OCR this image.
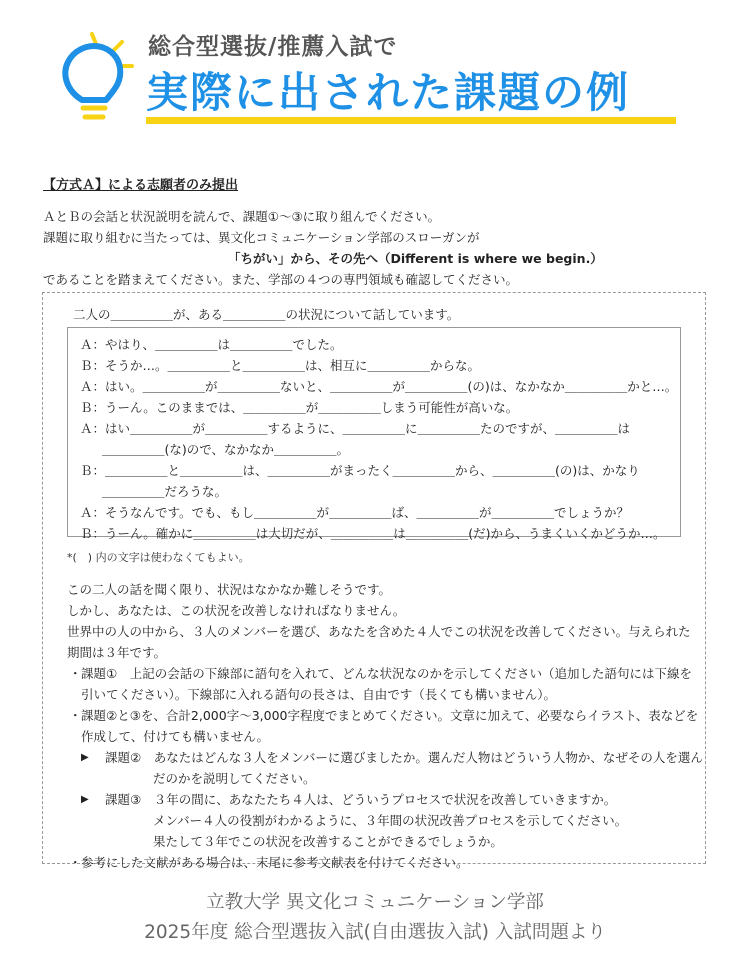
総合型選抜/推薦入試で
実際に出された課題の例
【方式Ａ】による志願者のみ提出
ＡとＢの会話と状況説明を読んで、課題①〜③に取り組んでください。
課題に取り組むに当たっては、異文化コミュニケーション学部のスローガンが
「ちがい」から、その先へ（Different is where we begin.）
であることを踏まえてください。また、学部の４つの専門領域も確認してください。
二人の＿＿＿＿＿が、ある＿＿＿＿＿の状況について話しています。
Ａ：やはり、＿＿＿＿＿は＿＿＿＿＿でした。
Ｂ：そうか…。＿＿＿＿＿と＿＿＿＿＿は、相互に＿＿＿＿＿からな。
Ａ：はい。＿＿＿＿＿が＿＿＿＿＿ないと、＿＿＿＿＿が＿＿＿＿＿(の)は、なかなか＿＿＿＿＿かと…。
Ｂ：うーん。このままでは、＿＿＿＿＿が＿＿＿＿＿しまう可能性が高いな。
Ａ：はい＿＿＿＿＿が＿＿＿＿＿するように、＿＿＿＿＿に＿＿＿＿＿たのですが、＿＿＿＿＿は
＿＿＿＿＿(な)ので、なかなか＿＿＿＿＿。
Ｂ：＿＿＿＿＿と＿＿＿＿＿は、＿＿＿＿＿がまったく＿＿＿＿＿から、＿＿＿＿＿(の)は、かなり
＿＿＿＿＿だろうな。
Ａ：そうなんです。でも、もし＿＿＿＿＿が＿＿＿＿＿ば、＿＿＿＿＿が＿＿＿＿＿でしょうか？
Ｂ：うーん。確かに＿＿＿＿＿は大切だが、＿＿＿＿＿は＿＿＿＿＿(だ)から、うまくいくかどうか…。
*(　) 内の文字は使わなくてもよい。
この二人の話を聞く限り、状況はなかなか難しそうです。
しかし、あなたは、この状況を改善しなければなりません。
世界中の人の中から、３人のメンバーを選び、あなたを含めた４人でこの状況を改善してください。与えられた
期間は３年です。
・ 課題①　上記の会話の下線部に語句を入れて、どんな状況なのかを示してください（追加した語句には下線を
引いてください）。下線部に入れる語句の長さは、自由です（長くても構いません）。
・ 課題②と③を、合計2,000字〜3,000字程度でまとめてください。文章に加えて、必要ならイラスト、表などを
作成して、付けても構いません。
▶ 課題②　あなたはどんな３人をメンバーに選びましたか。選んだ人物はどういう人物か、なぜその人を選ん
だのかを説明してください。
▶ 課題③　３年の間に、あなたたち４人は、どういうプロセスで状況を改善していきますか。
メンバー４人の役割がわかるように、３年間の状況改善プロセスを示してください。
果たして３年でこの状況を改善することができるでしょうか。
・ 参考にした文献がある場合は、末尾に参考文献表を付けてください。
立教大学 異文化コミュニケーション学部
2025年度 総合型選抜入試(自由選抜入試) 入試問題より
